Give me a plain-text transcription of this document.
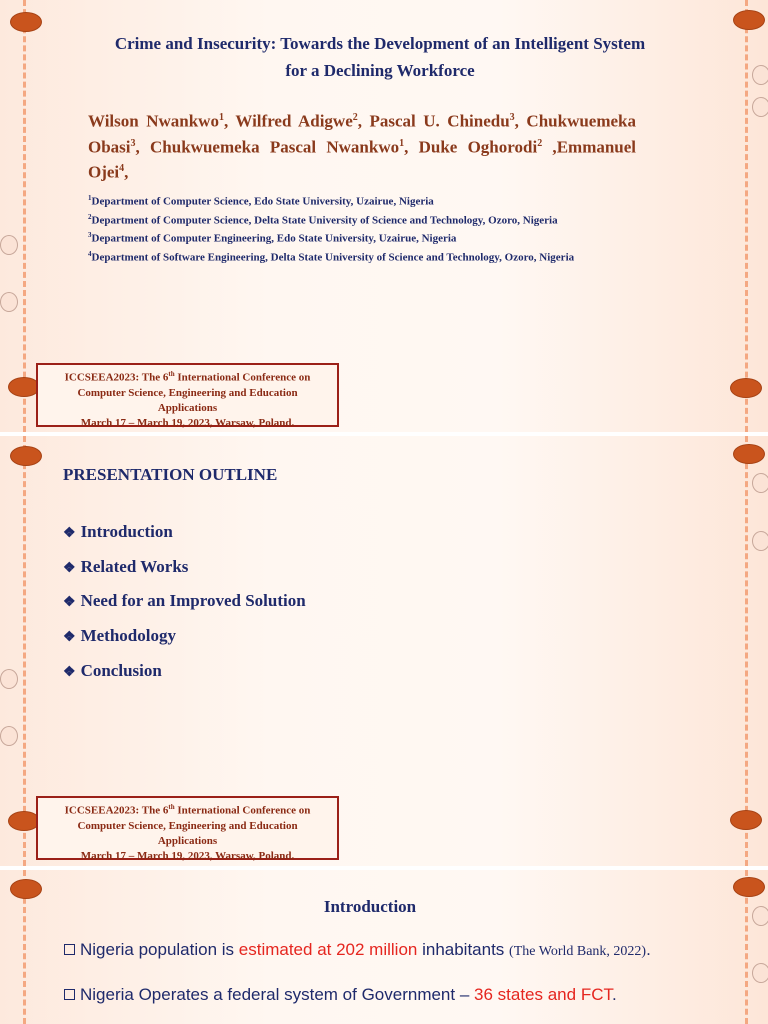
Crime and Insecurity: Towards the Development of an Intelligent System
for a Declining Workforce
Wilson Nwankwo$^1$, Wilfred Adigwe$^2$, Pascal U. Chinedu$^3$, Chukwuemeka Obasi$^3$, Chukwuemeka Pascal Nwankwo$^1$, Duke Oghorodi$^2$ ,Emmanuel Ojei$^4$,
$^1$Department of Computer Science, Edo State University, Uzairue, Nigeria
$^2$Department of Computer Science, Delta State University of Science and Technology, Ozoro, Nigeria
$^3$Department of Computer Engineering, Edo State University, Uzairue, Nigeria
$^4$Department of Software Engineering, Delta State University of Science and Technology, Ozoro, Nigeria
ICCSEEA2023: The 6th International Conference on
Computer Science, Engineering and Education
Applications
March 17 – March 19, 2023, Warsaw, Poland.
PRESENTATION OUTLINE
❖ Introduction
❖ Related Works
❖ Need for an Improved Solution
❖ Methodology
❖ Conclusion
ICCSEEA2023: The 6th International Conference on
Computer Science, Engineering and Education
Applications
March 17 – March 19, 2023, Warsaw, Poland.
Introduction
Nigeria population is estimated at 202 million inhabitants (The World Bank, 2022).
Nigeria Operates a federal system of Government – 36 states and FCT.
